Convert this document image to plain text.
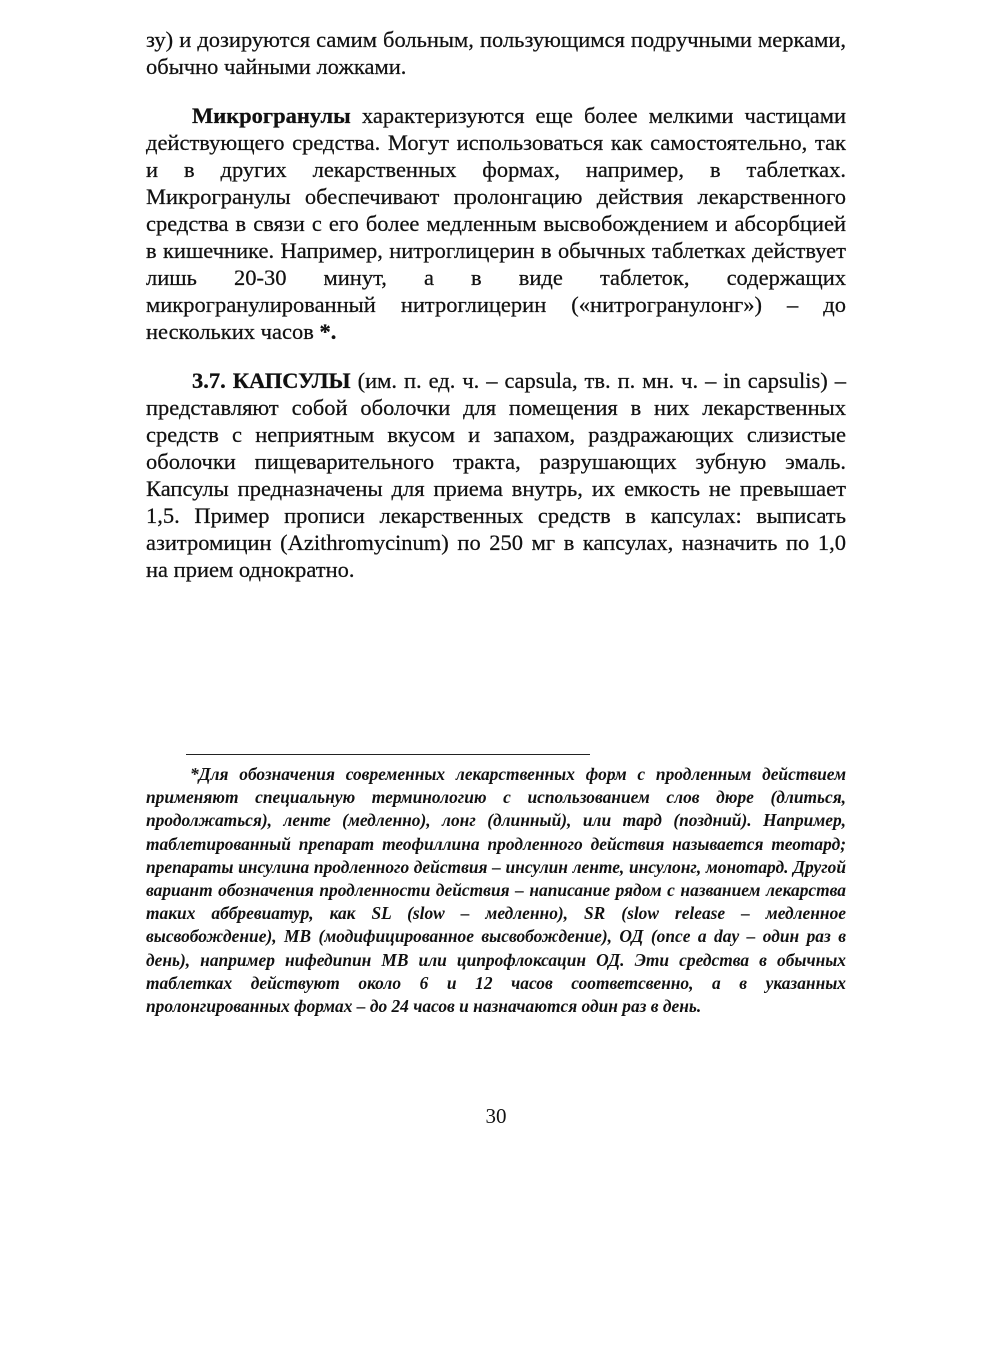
зу) и дозируются самим больным, пользующимся подручными мерками, обычно чайными ложками.

Микрогранулы характеризуются еще более мелкими частицами действующего средства. Могут использоваться как самостоятельно, так и в других лекарственных формах, например, в таблетках. Микрогранулы обеспечивают пролонгацию действия лекарственного средства в связи с его более медленным высвобождением и абсорбцией в кишечнике. Например, нитроглицерин в обычных таблетках действует лишь 20-30 минут, а в виде таблеток, содержащих микрогранулированный нитроглицерин («нитрогранулонг») – до нескольких часов *.

3.7. КАПСУЛЫ (им. п. ед. ч. – capsula, тв. п. мн. ч. – in capsulis) – представляют собой оболочки для помещения в них лекарственных средств с неприятным вкусом и запахом, раздражающих слизистые оболочки пищеварительного тракта, разрушающих зубную эмаль. Капсулы предназначены для приема внутрь, их емкость не превышает 1,5. Пример прописи лекарственных средств в капсулах: выписать азитромицин (Azithromycinum) по 250 мг в капсулах, назначить по 1,0 на прием однократно.

*Для обозначения современных лекарственных форм с продленным действием применяют специальную терминологию с использованием слов дюре (длиться, продолжаться), ленте (медленно), лонг (длинный), или тард (поздний). Например, таблетированный препарат теофиллина продленного действия называется теотард; препараты инсулина продленного действия – инсулин ленте, инсулонг, монотард. Другой вариант обозначения продленности действия – написание рядом с названием лекарства таких аббревиатур, как SL (slow – медленно), SR (slow release – медленное высвобождение), МВ (модифицированное высвобождение), ОД (once a day – один раз в день), например нифедипин МВ или ципрофлоксацин ОД. Эти средства в обычных таблетках действуют около 6 и 12 часов соответсвенно, а в указанных пролонгированных формах – до 24 часов и назначаются один раз в день.

30
